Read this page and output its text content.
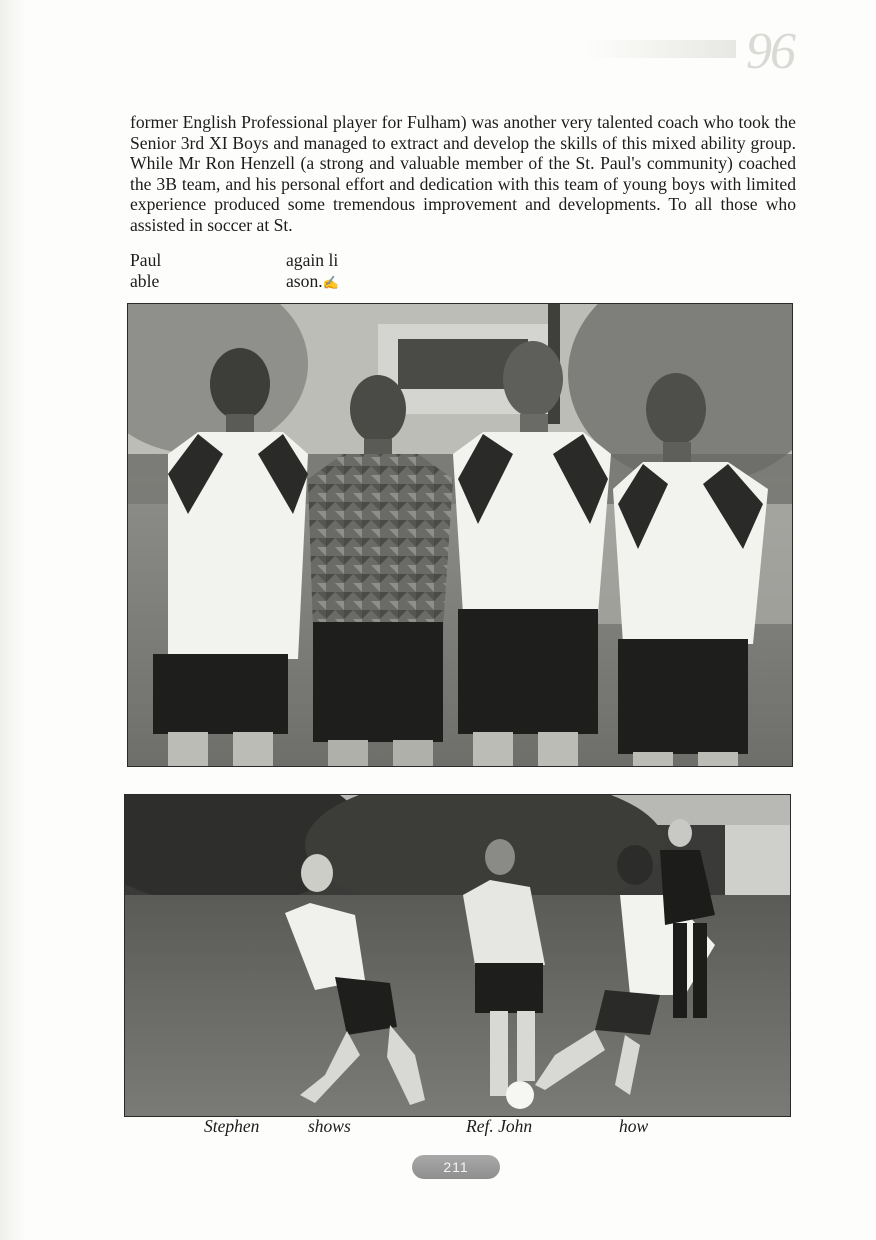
96

former English Professional player for Fulham) was another very talented coach who took the Senior 3rd XI Boys and managed to extract and develop the skills of this mixed ability group. While Mr Ron Henzell (a strong and valuable member of the St. Paul's community) coached the 3B team, and his personal effort and dedication with this team of young boys with limited experience produced some tremendous improvement and developments. To all those who assisted in soccer at St.

Paul	again li
able	ason.✍
Stephen	shows	Ref. John	how
211
